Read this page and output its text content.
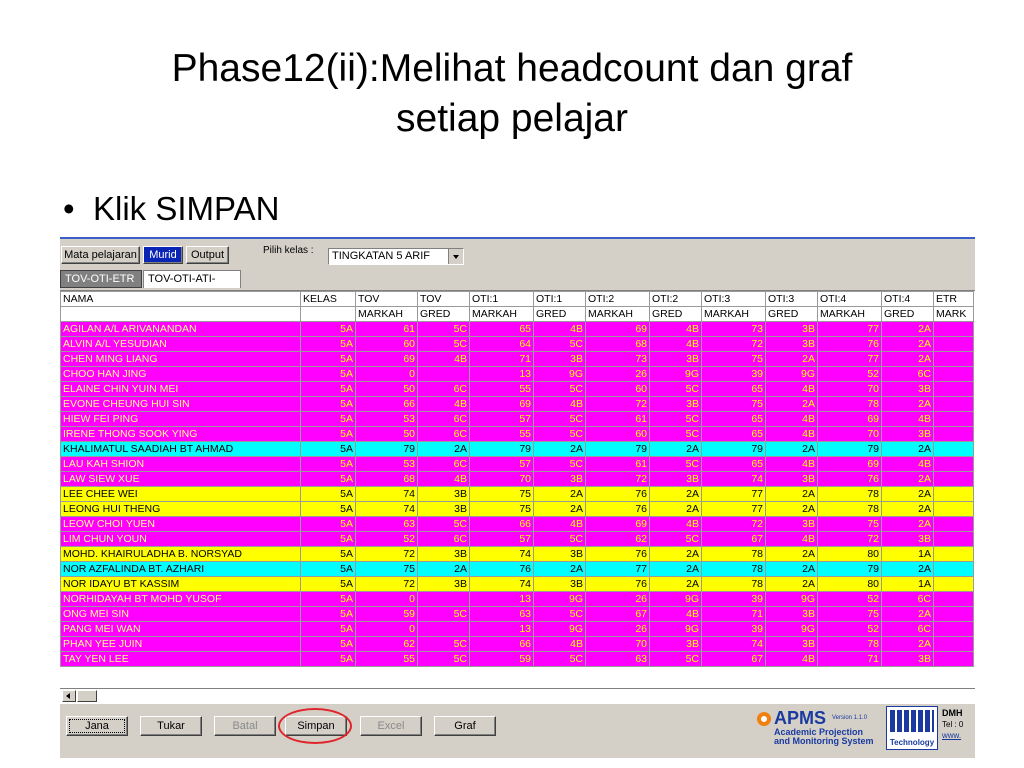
Phase12(ii):Melihat headcount dan graf
setiap pelajar
• Klik SIMPAN
Mata pelajaran	Murid	Output	Pilih kelas :	TINGKATAN 5 ARIF
TOV-OTI-ETR	TOV-OTI-ATI-
NAMA	KELAS	TOV	TOV	OTI:1	OTI:1	OTI:2	OTI:2	OTI:3	OTI:3	OTI:4	OTI:4	ETR
		MARKAH	GRED	MARKAH	GRED	MARKAH	GRED	MARKAH	GRED	MARKAH	GRED	MARK
AGILAN A/L ARIVANANDAN	5A	61	5C	65	4B	69	4B	73	3B	77	2A	
ALVIN A/L YESUDIAN	5A	60	5C	64	5C	68	4B	72	3B	76	2A	
CHEN MING LIANG	5A	69	4B	71	3B	73	3B	75	2A	77	2A	
CHOO HAN JING	5A	0		13	9G	26	9G	39	9G	52	6C	
ELAINE CHIN YUIN MEI	5A	50	6C	55	5C	60	5C	65	4B	70	3B	
EVONE CHEUNG HUI SIN	5A	66	4B	69	4B	72	3B	75	2A	78	2A	
HIEW FEI PING	5A	53	6C	57	5C	61	5C	65	4B	69	4B	
IRENE THONG SOOK YING	5A	50	6C	55	5C	60	5C	65	4B	70	3B	
KHALIMATUL SAADIAH BT AHMAD	5A	79	2A	79	2A	79	2A	79	2A	79	2A	
LAU KAH SHION	5A	53	6C	57	5C	61	5C	65	4B	69	4B	
LAW SIEW XUE	5A	68	4B	70	3B	72	3B	74	3B	76	2A	
LEE CHEE WEI	5A	74	3B	75	2A	76	2A	77	2A	78	2A	
LEONG HUI THENG	5A	74	3B	75	2A	76	2A	77	2A	78	2A	
LEOW CHOI YUEN	5A	63	5C	66	4B	69	4B	72	3B	75	2A	
LIM CHUN YOUN	5A	52	6C	57	5C	62	5C	67	4B	72	3B	
MOHD. KHAIRULADHA B. NORSYAD	5A	72	3B	74	3B	76	2A	78	2A	80	1A	
NOR AZFALINDA BT. AZHARI	5A	75	2A	76	2A	77	2A	78	2A	79	2A	
NOR IDAYU BT KASSIM	5A	72	3B	74	3B	76	2A	78	2A	80	1A	
NORHIDAYAH BT MOHD YUSOF	5A	0		13	9G	26	9G	39	9G	52	6C	
ONG MEI SIN	5A	59	5C	63	5C	67	4B	71	3B	75	2A	
PANG MEI WAN	5A	0		13	9G	26	9G	39	9G	52	6C	
PHAN YEE JUIN	5A	62	5C	66	4B	70	3B	74	3B	78	2A	
TAY YEN LEE	5A	55	5C	59	5C	63	5C	67	4B	71	3B	
Jana	Tukar	Batal	Simpan	Excel	Graf	APMS Version 1.1.0
Academic Projection
and Monitoring System	Technology
DMH
Tel : 0
www.
